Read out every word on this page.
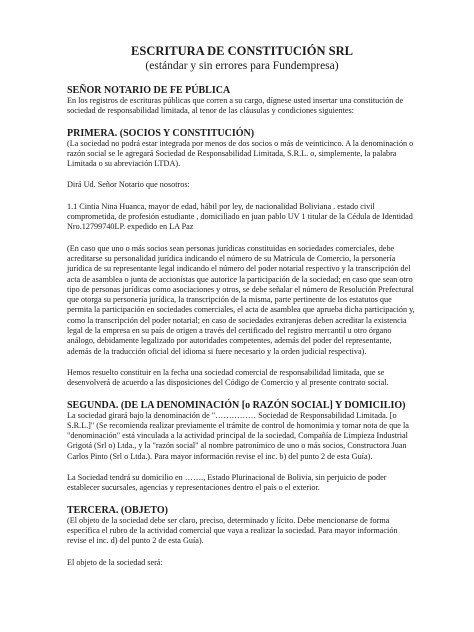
ESCRITURA DE CONSTITUCIÓN SRL

(estándar y sin errores para Fundempresa)

SEÑOR NOTARIO DE FE PÚBLICA

En los registros de escrituras públicas que corren a su cargo, dígnese usted insertar una constitución de sociedad de responsabilidad limitada, al tenor de las cláusulas y condiciones siguientes:

PRIMERA. (SOCIOS Y CONSTITUCIÓN)

(La sociedad no podrá estar integrada por menos de dos socios o más de veinticinco. A la denominación o razón social se le agregará Sociedad de Responsabilidad Limitada, S.R.L. o, simplemente, la palabra Limitada o su abreviación LTDA).

Dirá Ud. Señor Notario que nosotros:

1.1 Cintia Nina Huanca, mayor de edad, hábil por ley, de nacionalidad Boliviana . estado civil comprometida, de profesión estudiante , domiciliado en juan pablo UV 1 titular de la Cédula de Identidad Nro.12799740LP. expedido en LA Paz

(En caso que uno o más socios sean personas jurídicas constituidas en sociedades comerciales, debe acreditarse su personalidad jurídica indicando el número de su Matrícula de Comercio, la personería jurídica de su representante legal indicando el número del poder notarial respectivo y la transcripción del acta de asamblea o junta de accionistas que autorice la participación de la sociedad; en caso que sean otro tipo de personas jurídicas como asociaciones y otros, se debe señalar el número de Resolución Prefectural que otorga su personería jurídica, la transcripción de la misma, parte pertinente de los estatutos que permita la participación en sociedades comerciales, el acta de asamblea que aprueba dicha participación y, como la transcripción del poder notarial; en caso de sociedades extranjeras deben acreditar la existencia legal de la empresa en su país de origen a través del certificado del registro mercantil u otro órgano análogo, debidamente legalizado por autoridades competentes, además del poder del representante, además de la traducción oficial del idioma si fuere necesario y la orden judicial respectiva).

Hemos resuelto constituir en la fecha una sociedad comercial de responsabilidad limitada, que se desenvolverá de acuerdo a las disposiciones del Código de Comercio y al presente contrato social.

SEGUNDA. (DE LA DENOMINACIÓN [o RAZÓN SOCIAL] Y DOMICILIO)

La sociedad girará bajo la denominación de "…………… Sociedad de Responsabilidad Limitada. [o S.R.L.]" (Se recomienda realizar previamente el trámite de control de homonimia y tomar nota de que la "denominación" está vinculada a la actividad principal de la sociedad, Compañía de Limpieza Industrial Grigotá (Srl o) Ltda., y la "razón social" al nombre patronímico de uno o más socios, Constructora Juan Carlos Pinto (Srl o Ltda.). Para mayor información revise el inc. b) del punto 2 de esta Guía).

La Sociedad tendrá su domicilio en ……., Estado Plurinacional de Bolivia, sin perjuicio de poder establecer sucursales, agencias y representaciones dentro el país o el exterior.

TERCERA. (OBJETO)

(El objeto de la sociedad debe ser claro, preciso, determinado y lícito. Debe mencionarse de forma específica el rubro de la actividad comercial que vaya a realizar la sociedad. Para mayor información revise el inc. d) del punto 2 de esta Guía).

El objeto de la sociedad será:
